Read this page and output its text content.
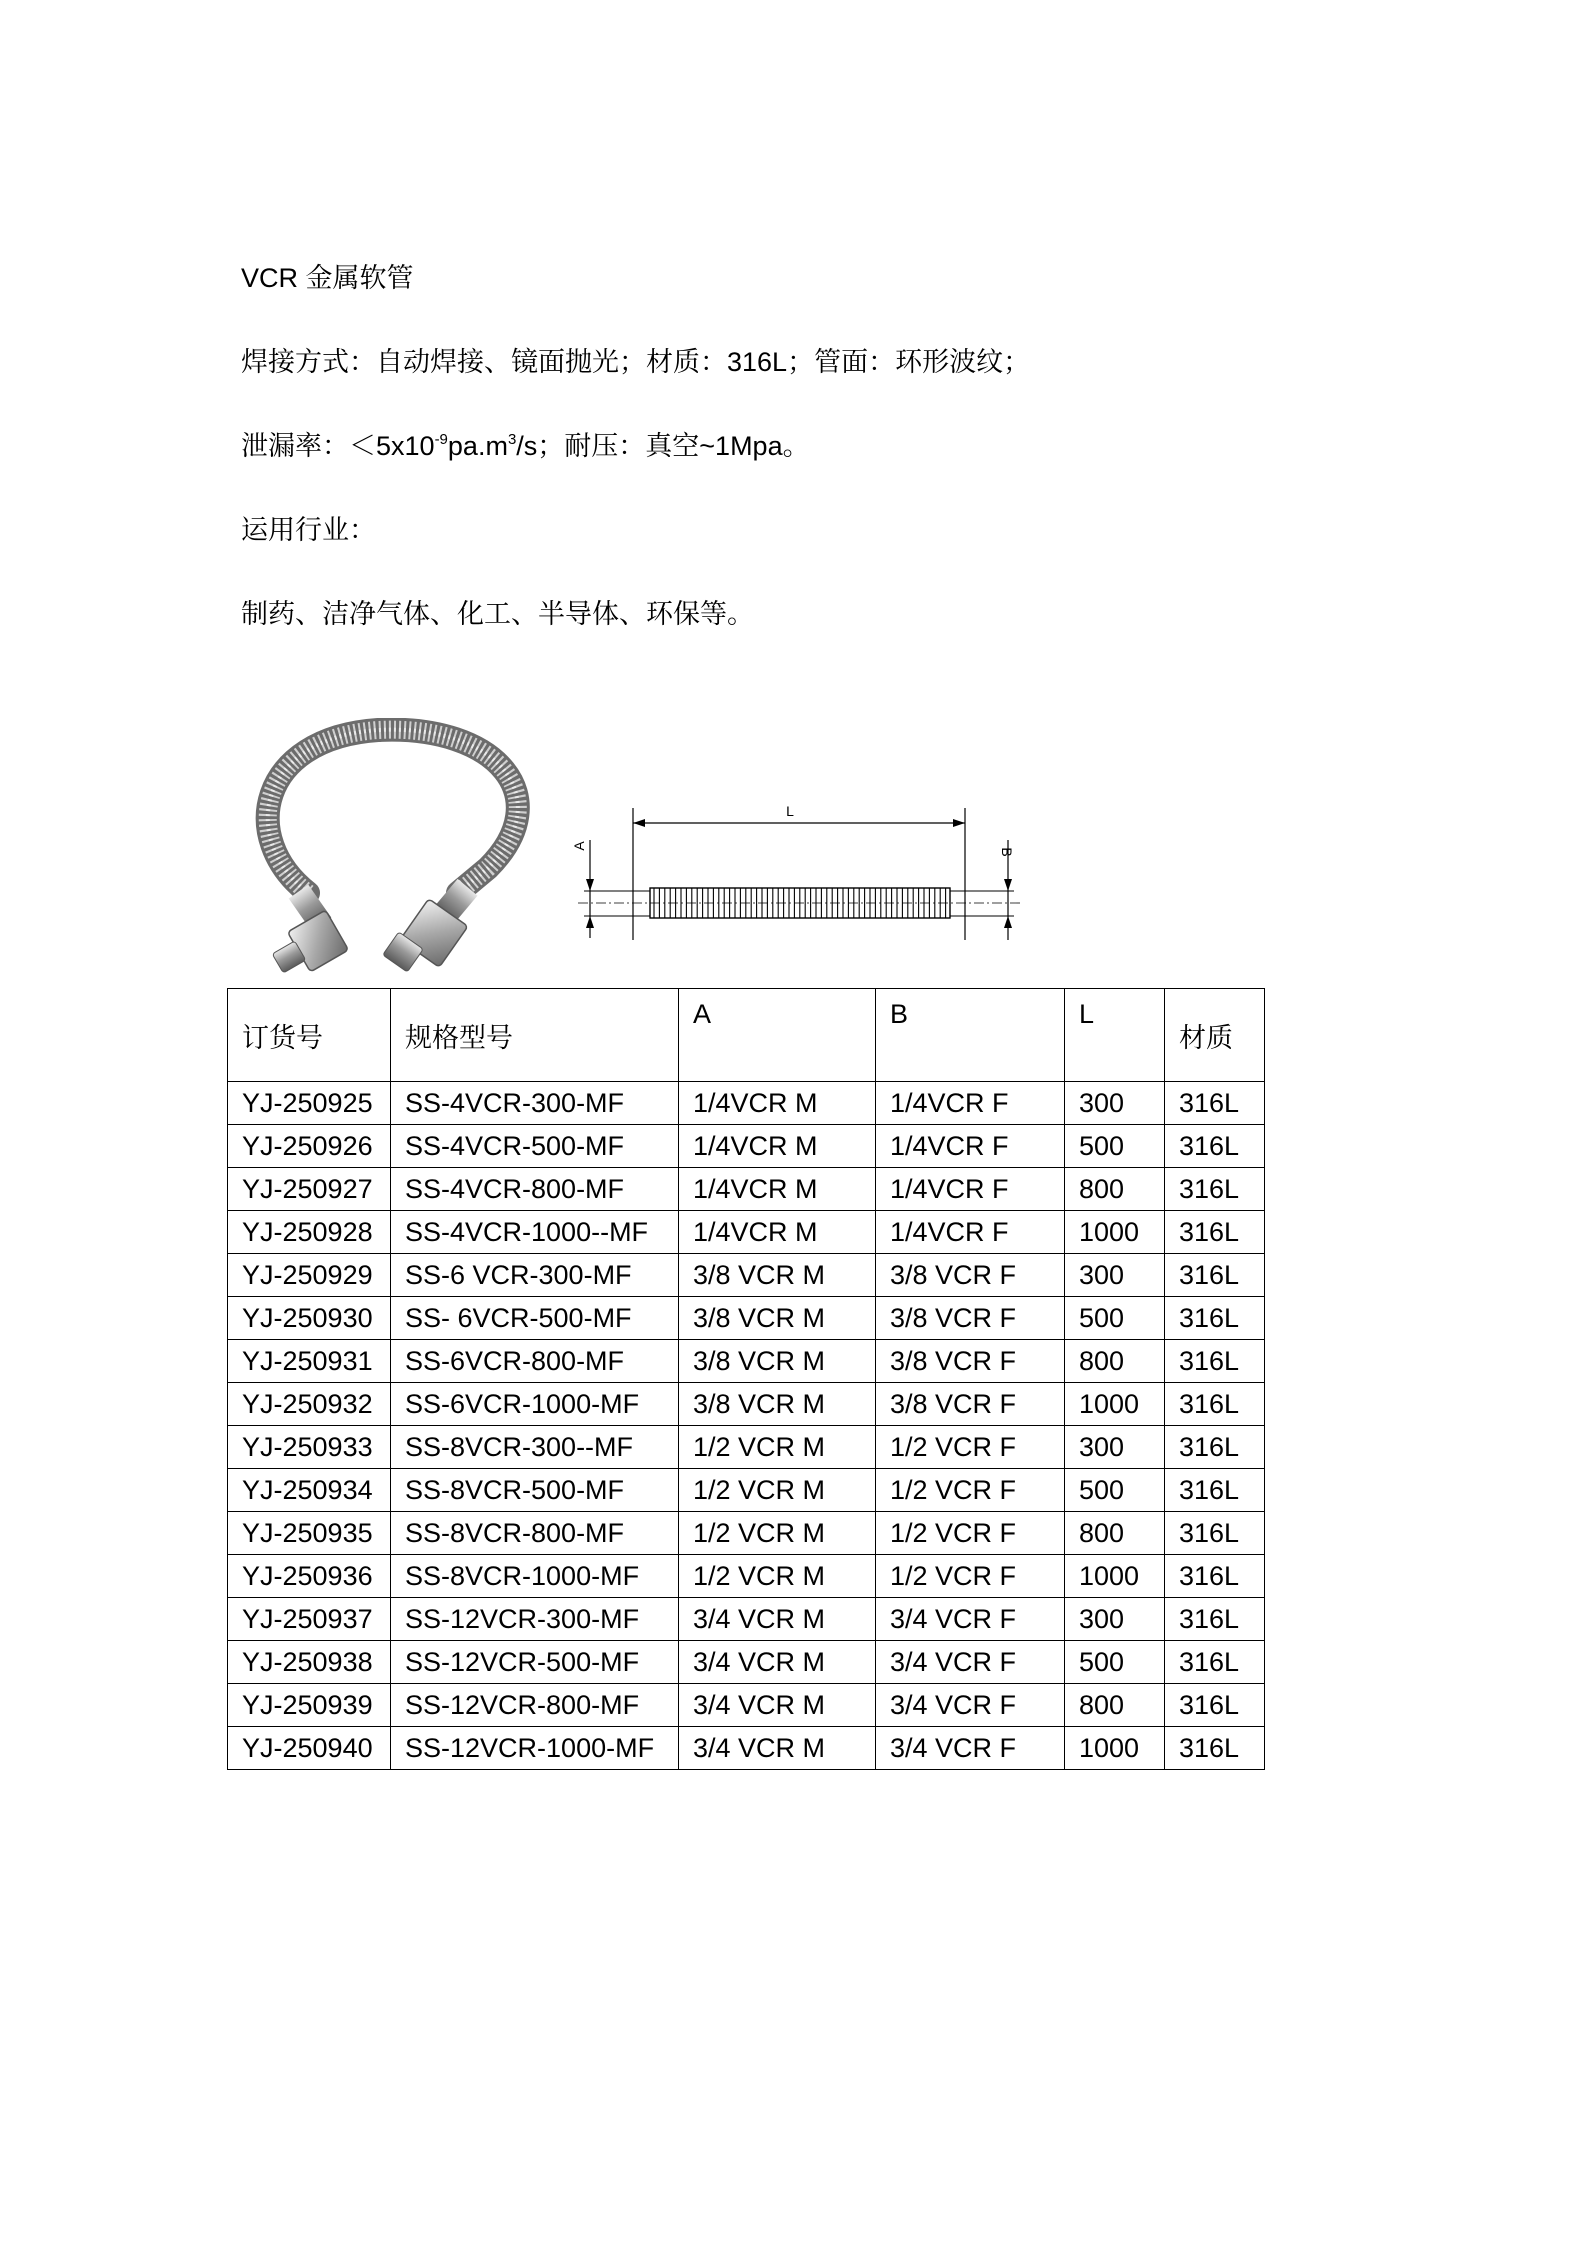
VCR 金属软管
焊接方式：自动焊接、镜面抛光；材质：316L；管面：环形波纹；
泄漏率：$<5x10^{-9}pa.m^3/s$；耐压：真空~1Mpa。
运用行业：
制药、洁净气体、化工、半导体、环保等。
L
A
B
订货号	规格型号	A	B	L	材质
YJ-250925	SS-4VCR-300-MF	1/4VCR M	1/4VCR F	300	316L
YJ-250926	SS-4VCR-500-MF	1/4VCR M	1/4VCR F	500	316L
YJ-250927	SS-4VCR-800-MF	1/4VCR M	1/4VCR F	800	316L
YJ-250928	SS-4VCR-1000--MF	1/4VCR M	1/4VCR F	1000	316L
YJ-250929	SS-6 VCR-300-MF	3/8 VCR M	3/8 VCR F	300	316L
YJ-250930	SS- 6VCR-500-MF	3/8 VCR M	3/8 VCR F	500	316L
YJ-250931	SS-6VCR-800-MF	3/8 VCR M	3/8 VCR F	800	316L
YJ-250932	SS-6VCR-1000-MF	3/8 VCR M	3/8 VCR F	1000	316L
YJ-250933	SS-8VCR-300--MF	1/2 VCR M	1/2 VCR F	300	316L
YJ-250934	SS-8VCR-500-MF	1/2 VCR M	1/2 VCR F	500	316L
YJ-250935	SS-8VCR-800-MF	1/2 VCR M	1/2 VCR F	800	316L
YJ-250936	SS-8VCR-1000-MF	1/2 VCR M	1/2 VCR F	1000	316L
YJ-250937	SS-12VCR-300-MF	3/4 VCR M	3/4 VCR F	300	316L
YJ-250938	SS-12VCR-500-MF	3/4 VCR M	3/4 VCR F	500	316L
YJ-250939	SS-12VCR-800-MF	3/4 VCR M	3/4 VCR F	800	316L
YJ-250940	SS-12VCR-1000-MF	3/4 VCR M	3/4 VCR F	1000	316L
